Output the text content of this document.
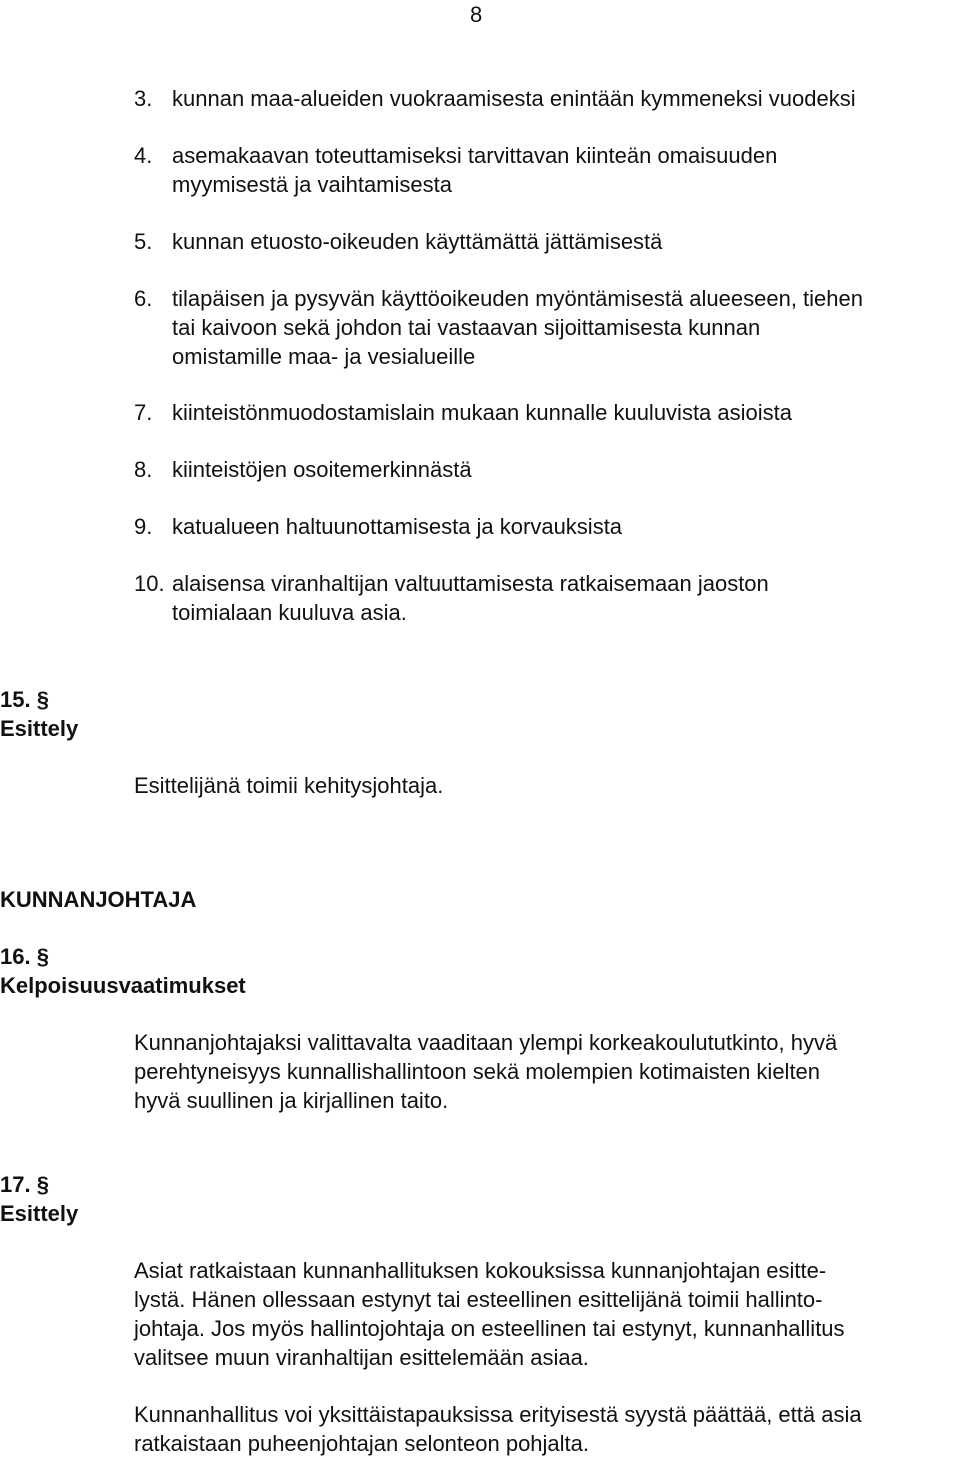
8
3. kunnan maa-alueiden vuokraamisesta enintään kymmeneksi vuodeksi
4. asemakaavan toteuttamiseksi tarvittavan kiinteän omaisuuden
myymisestä ja vaihtamisesta
5. kunnan etuosto-oikeuden käyttämättä jättämisestä
6. tilapäisen ja pysyvän käyttöoikeuden myöntämisestä alueeseen, tiehen
tai kaivoon sekä johdon tai vastaavan sijoittamisesta kunnan
omistamille maa- ja vesialueille
7. kiinteistönmuodostamislain mukaan kunnalle kuuluvista asioista
8. kiinteistöjen osoitemerkinnästä
9. katualueen haltuunottamisesta ja korvauksista
10. alaisensa viranhaltijan valtuuttamisesta ratkaisemaan jaoston
toimialaan kuuluva asia.
15. §
Esittely
Esittelijänä toimii kehitysjohtaja.
KUNNANJOHTAJA
16. §
Kelpoisuusvaatimukset
Kunnanjohtajaksi valittavalta vaaditaan ylempi korkeakoulututkinto, hyvä
perehtyneisyys kunnallishallintoon sekä molempien kotimaisten kielten
hyvä suullinen ja kirjallinen taito.
17. §
Esittely
Asiat ratkaistaan kunnanhallituksen kokouksissa kunnanjohtajan esitte-
lystä. Hänen ollessaan estynyt tai esteellinen esittelijänä toimii hallinto-
johtaja. Jos myös hallintojohtaja on esteellinen tai estynyt, kunnanhallitus
valitsee muun viranhaltijan esittelemään asiaa.
Kunnanhallitus voi yksittäistapauksissa erityisestä syystä päättää, että asia
ratkaistaan puheenjohtajan selonteon pohjalta.
